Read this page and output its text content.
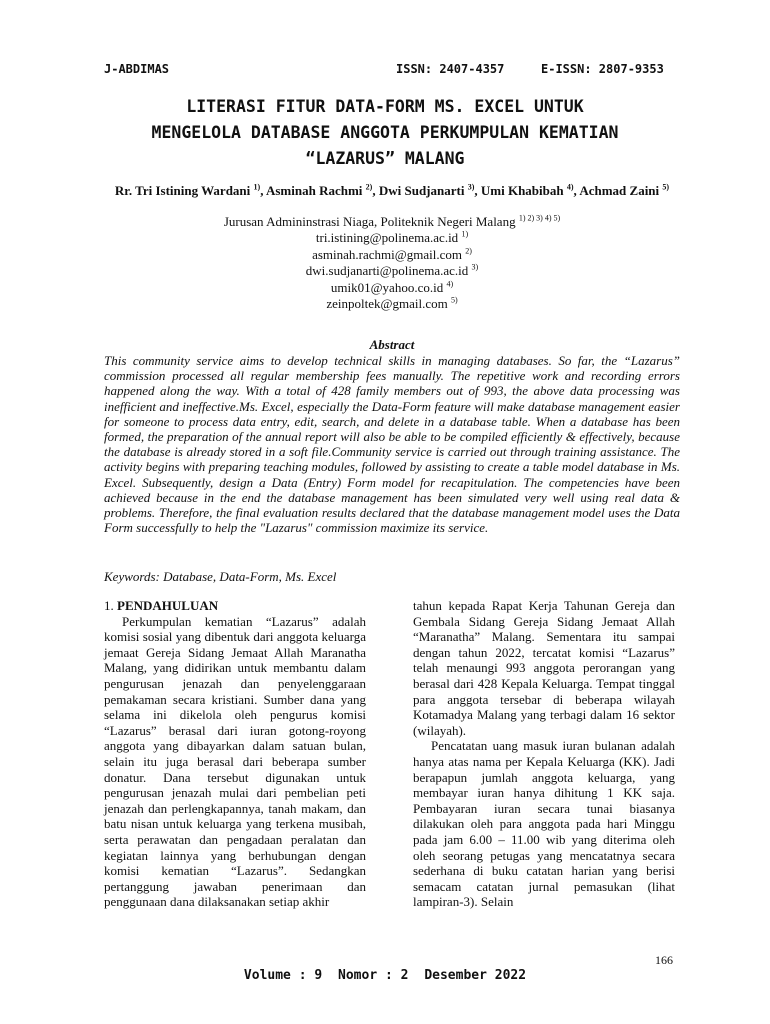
J-ABDIMAS	ISSN: 2407-4357	E-ISSN: 2807-9353
LITERASI FITUR DATA-FORM MS. EXCEL UNTUK
MENGELOLA DATABASE ANGGOTA PERKUMPULAN KEMATIAN
“LAZARUS” MALANG
Rr. Tri Istining Wardani $^{1)}$, Asminah Rachmi $^{2)}$, Dwi Sudjanarti $^{3)}$, Umi Khabibah $^{4)}$, Achmad Zaini $^{5)}$
Jurusan Admininstrasi Niaga, Politeknik Negeri Malang $^{1) 2) 3) 4) 5)}$
tri.istining@polinema.ac.id $^{1)}$
asminah.rachmi@gmail.com $^{2)}$
dwi.sudjanarti@polinema.ac.id $^{3)}$
umik01@yahoo.co.id $^{4)}$
zeinpoltek@gmail.com $^{5)}$
Abstract
This community service aims to develop technical skills in managing databases. So far, the “Lazarus” commission processed all regular membership fees manually. The repetitive work and recording errors happened along the way. With a total of 428 family members out of 993, the above data processing was inefficient and ineffective.Ms. Excel, especially the Data-Form feature will make database management easier for someone to process data entry, edit, search, and delete in a database table. When a database has been formed, the preparation of the annual report will also be able to be compiled efficiently & effectively, because the database is already stored in a soft file.Community service is carried out through training assistance. The activity begins with preparing teaching modules, followed by assisting to create a table model database in Ms. Excel. Subsequently, design a Data (Entry) Form model for recapitulation. The competencies have been achieved because in the end the database management has been simulated very well using real data & problems. Therefore, the final evaluation results declared that the database management model uses the Data Form successfully to help the "Lazarus" commission maximize its service.
Keywords: Database, Data-Form, Ms. Excel

1. PENDAHULUAN

Perkumpulan kematian “Lazarus” adalah komisi sosial yang dibentuk dari anggota keluarga jemaat Gereja Sidang Jemaat Allah Maranatha Malang, yang didirikan untuk membantu dalam pengurusan jenazah dan penyelenggaraan pemakaman secara kristiani. Sumber dana yang selama ini dikelola oleh pengurus komisi “Lazarus” berasal dari iuran gotong-royong anggota yang dibayarkan dalam satuan bulan, selain itu juga berasal dari beberapa sumber donatur. Dana tersebut digunakan untuk pengurusan jenazah mulai dari pembelian peti jenazah dan perlengkapannya, tanah makam, dan batu nisan untuk keluarga yang terkena musibah, serta perawatan dan pengadaan peralatan dan kegiatan lainnya yang berhubungan dengan komisi kematian “Lazarus”. Sedangkan pertanggung jawaban penerimaan dan penggunaan dana dilaksanakan setiap akhir

tahun kepada Rapat Kerja Tahunan Gereja dan Gembala Sidang Gereja Sidang Jemaat Allah “Maranatha” Malang. Sementara itu sampai dengan tahun 2022, tercatat komisi “Lazarus” telah menaungi 993 anggota perorangan yang berasal dari 428 Kepala Keluarga. Tempat tinggal para anggota tersebar di beberapa wilayah Kotamadya Malang yang terbagi dalam 16 sektor (wilayah).

Pencatatan uang masuk iuran bulanan adalah hanya atas nama per Kepala Keluarga (KK). Jadi berapapun jumlah anggota keluarga, yang membayar iuran hanya dihitung 1 KK saja. Pembayaran iuran secara tunai biasanya dilakukan oleh para anggota pada hari Minggu pada jam 6.00 – 11.00 wib yang diterima oleh oleh seorang petugas yang mencatatnya secara sederhana di buku catatan harian yang berisi semacam catatan jurnal pemasukan (lihat lampiran-3). Selain

166
Volume : 9 Nomor : 2 Desember 2022
